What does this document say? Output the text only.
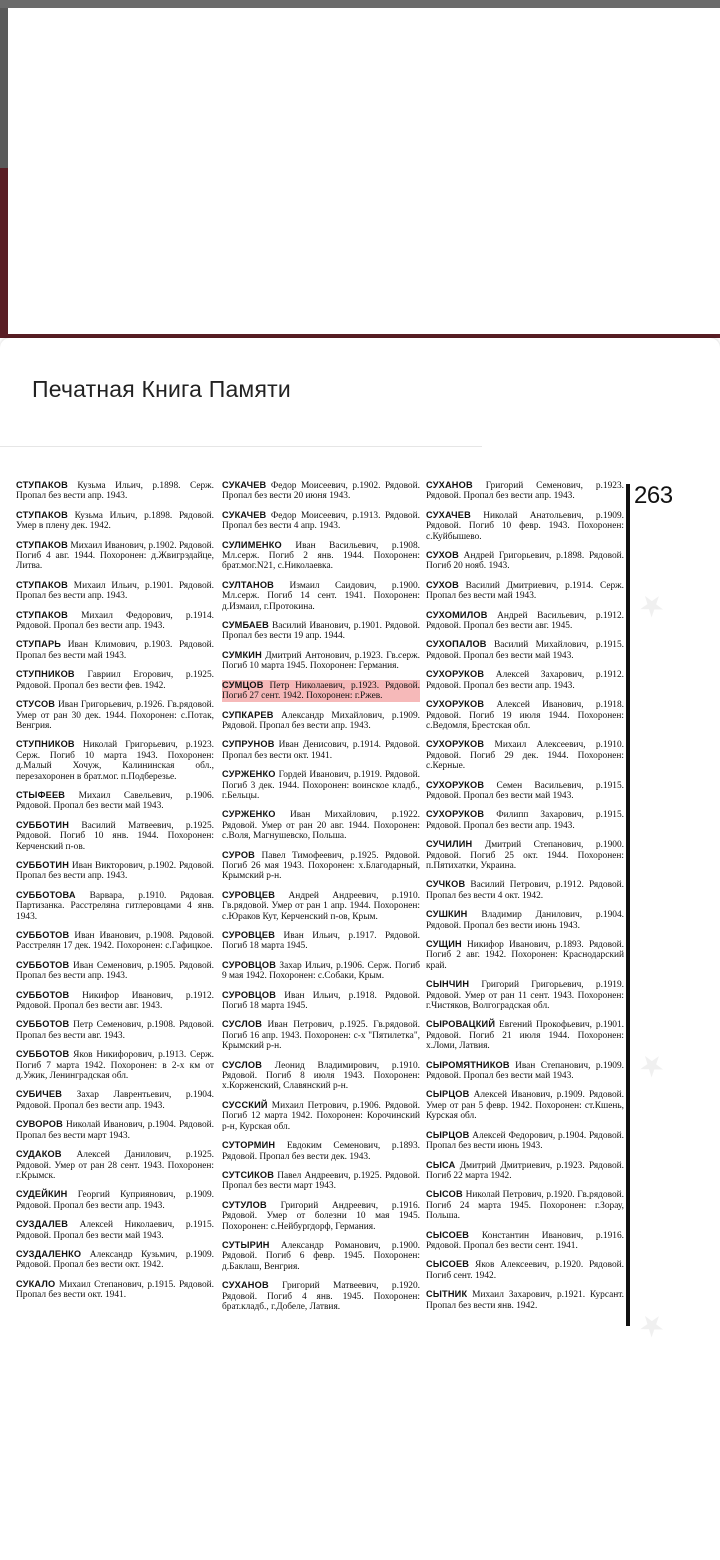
Печатная Книга Памяти
СТУПАКОВ Кузьма Ильич, р.1898. Серж. Пропал без вести апр. 1943.
СТУПАКОВ Кузьма Ильич, р.1898. Рядовой. Умер в плену дек. 1942.
СТУПАКОВ Михаил Иванович, р.1902. Рядовой. Погиб 4 авг. 1944. Похоронен: д.Жвигрэдайце, Литва.
СТУПАКОВ Михаил Ильич, р.1901. Рядовой. Пропал без вести апр. 1943.
СТУПАКОВ Михаил Федорович, р.1914. Рядовой. Пропал без вести апр. 1943.
СТУПАРЬ Иван Климович, р.1903. Рядовой. Пропал без вести май 1943.
СТУПНИКОВ Гавриил Егорович, р.1925. Рядовой. Пропал без вести фев. 1942.
СТУСОВ Иван Григорьевич, р.1926. Гв.рядовой. Умер от ран 30 дек. 1944. Похоронен: с.Потак, Венгрия.
СТУПНИКОВ Николай Григорьевич, р.1923. Серж. Погиб 10 марта 1943. Похоронен: д.Малый Хочуж, Калининская обл., перезахоронен в брат.мог. п.Подберезье.
СТЫФЕЕВ Михаил Савельевич, р.1906. Рядовой. Пропал без вести май 1943.
СУББОТИН Василий Матвеевич, р.1925. Рядовой. Погиб 10 янв. 1944. Похоронен: Керченский п-ов.
СУББОТИН Иван Викторович, р.1902. Рядовой. Пропал без вести апр. 1943.
СУББОТОВА Варвара, р.1910. Рядовая. Партизанка. Расстреляна гитлеровцами 4 янв. 1943.
СУББОТОВ Иван Иванович, р.1908. Рядовой. Расстрелян 17 дек. 1942. Похоронен: с.Гафицкое.
СУББОТОВ Иван Семенович, р.1905. Рядовой. Пропал без вести апр. 1943.
СУББОТОВ Никифор Иванович, р.1912. Рядовой. Пропал без вести авг. 1943.
СУББОТОВ Петр Семенович, р.1908. Рядовой. Пропал без вести авг. 1943.
СУББОТОВ Яков Никифорович, р.1913. Серж. Погиб 7 марта 1942. Похоронен: в 2-х км от д.Ужик, Ленинградская обл.
СУБИЧЕВ Захар Лаврентьевич, р.1904. Рядовой. Пропал без вести апр. 1943.
СУВОРОВ Николай Иванович, р.1904. Рядовой. Пропал без вести март 1943.
СУДАКОВ Алексей Данилович, р.1925. Рядовой. Умер от ран 28 сент. 1943. Похоронен: г.Крымск.
СУДЕЙКИН Георгий Куприянович, р.1909. Рядовой. Пропал без вести апр. 1943.
СУЗДАЛЕВ Алексей Николаевич, р.1915. Рядовой. Пропал без вести май 1943.
СУЗДАЛЕНКО Александр Кузьмич, р.1909. Рядовой. Пропал без вести окт. 1942.
СУКАЛО Михаил Степанович, р.1915. Рядовой. Пропал без вести окт. 1941.
СУКАЧЕВ Федор Моисеевич, р.1902. Рядовой. Пропал без вести 20 июня 1943.
СУКАЧЕВ Федор Моисеевич, р.1913. Рядовой. Пропал без вести 4 апр. 1943.
СУЛИМЕНКО Иван Васильевич, р.1908. Мл.серж. Погиб 2 янв. 1944. Похоронен: брат.мог.N21, с.Николаевка.
СУЛТАНОВ Измаил Саидович, р.1900. Мл.серж. Погиб 14 сент. 1941. Похоронен: д.Измаил, г.Протокина.
СУМБАЕВ Василий Иванович, р.1901. Рядовой. Пропал без вести 19 апр. 1944.
СУМКИН Дмитрий Антонович, р.1923. Гв.серж. Погиб 10 марта 1945. Похоронен: Германия.
СУМЦОВ Петр Николаевич, р.1923. Рядовой. Погиб 27 сент. 1942. Похоронен: г.Ржев.
СУПКАРЕВ Александр Михайлович, р.1909. Рядовой. Пропал без вести апр. 1943.
СУПРУНОВ Иван Денисович, р.1914. Рядовой. Пропал без вести окт. 1941.
СУРЖЕНКО Гордей Иванович, р.1919. Рядовой. Погиб 3 дек. 1944. Похоронен: воинское кладб., г.Бельцы.
СУРЖЕНКО Иван Михайлович, р.1922. Рядовой. Умер от ран 20 авг. 1944. Похоронен: с.Воля, Магнушевско, Польша.
СУРОВ Павел Тимофеевич, р.1925. Рядовой. Погиб 26 мая 1943. Похоронен: х.Благодарный, Крымский р-н.
СУРОВЦЕВ Андрей Андреевич, р.1910. Гв.рядовой. Умер от ран 1 апр. 1944. Похоронен: с.Юраков Кут, Керченский п-ов, Крым.
СУРОВЦЕВ Иван Ильич, р.1917. Рядовой. Погиб 18 марта 1945.
СУРОВЦОВ Захар Ильич, р.1906. Серж. Погиб 9 мая 1942. Похоронен: с.Собаки, Крым.
СУРОВЦОВ Иван Ильич, р.1918. Рядовой. Погиб 18 марта 1945.
СУСЛОВ Иван Петрович, р.1925. Гв.рядовой. Погиб 16 апр. 1943. Похоронен: с-х "Пятилетка", Крымский р-н.
СУСЛОВ Леонид Владимирович, р.1910. Рядовой. Погиб 8 июля 1943. Похоронен: х.Корженский, Славянский р-н.
СУССКИЙ Михаил Петрович, р.1906. Рядовой. Погиб 12 марта 1942. Похоронен: Корочинский р-н, Курская обл.
СУТОРМИН Евдоким Семенович, р.1893. Рядовой. Пропал без вести дек. 1943.
СУТСИКОВ Павел Андреевич, р.1925. Рядовой. Пропал без вести март 1943.
СУТУЛОВ Григорий Андреевич, р.1916. Рядовой. Умер от болезни 10 мая 1945. Похоронен: с.Нейбургдорф, Германия.
СУТЫРИН Александр Романович, р.1900. Рядовой. Погиб 6 февр. 1945. Похоронен: д.Баклаш, Венгрия.
СУХАНОВ Григорий Матвеевич, р.1920. Рядовой. Погиб 4 янв. 1945. Похоронен: брат.кладб., г.Добеле, Латвия.
СУХАНОВ Григорий Семенович, р.1923. Рядовой. Пропал без вести апр. 1943.
СУХАЧЕВ Николай Анатольевич, р.1909. Рядовой. Погиб 10 февр. 1943. Похоронен: с.Куйбышево.
СУХОВ Андрей Григорьевич, р.1898. Рядовой. Погиб 20 нояб. 1943.
СУХОВ Василий Дмитриевич, р.1914. Серж. Пропал без вести май 1943.
СУХОМИЛОВ Андрей Васильевич, р.1912. Рядовой. Пропал без вести авг. 1945.
СУХОПАЛОВ Василий Михайлович, р.1915. Рядовой. Пропал без вести май 1943.
СУХОРУКОВ Алексей Захарович, р.1912. Рядовой. Пропал без вести апр. 1943.
СУХОРУКОВ Алексей Иванович, р.1918. Рядовой. Погиб 19 июля 1944. Похоронен: с.Ведомля, Брестская обл.
СУХОРУКОВ Михаил Алексеевич, р.1910. Рядовой. Погиб 29 дек. 1944. Похоронен: с.Керные.
СУХОРУКОВ Семен Васильевич, р.1915. Рядовой. Пропал без вести май 1943.
СУХОРУКОВ Филипп Захарович, р.1915. Рядовой. Пропал без вести апр. 1943.
СУЧИЛИН Дмитрий Степанович, р.1900. Рядовой. Погиб 25 окт. 1944. Похоронен: п.Пятихатки, Украина.
СУЧКОВ Василий Петрович, р.1912. Рядовой. Пропал без вести 4 окт. 1942.
СУШКИН Владимир Данилович, р.1904. Рядовой. Пропал без вести июнь 1943.
СУЩИН Никифор Иванович, р.1893. Рядовой. Погиб 2 авг. 1942. Похоронен: Краснодарский край.
СЫНЧИН Григорий Григорьевич, р.1919. Рядовой. Умер от ран 11 сент. 1943. Похоронен: г.Чистяков, Волгоградская обл.
СЫРОВАЦКИЙ Евгений Прокофьевич, р.1901. Рядовой. Погиб 21 июля 1944. Похоронен: х.Ломи, Латвия.
СЫРОМЯТНИКОВ Иван Степанович, р.1909. Рядовой. Пропал без вести май 1943.
СЫРЦОВ Алексей Иванович, р.1909. Рядовой. Умер от ран 5 февр. 1942. Похоронен: ст.Кшень, Курская обл.
СЫРЦОВ Алексей Федорович, р.1904. Рядовой. Пропал без вести июнь 1943.
СЫСА Дмитрий Дмитриевич, р.1923. Рядовой. Погиб 22 марта 1942.
СЫСОВ Николай Петрович, р.1920. Гв.рядовой. Погиб 24 марта 1945. Похоронен: г.Зорау, Польша.
СЫСОЕВ Константин Иванович, р.1916. Рядовой. Пропал без вести сент. 1941.
СЫСОЕВ Яков Алексеевич, р.1920. Рядовой. Погиб сент. 1942.
СЫТНИК Михаил Захарович, р.1921. Курсант. Пропал без вести янв. 1942.
263
★
★
★
